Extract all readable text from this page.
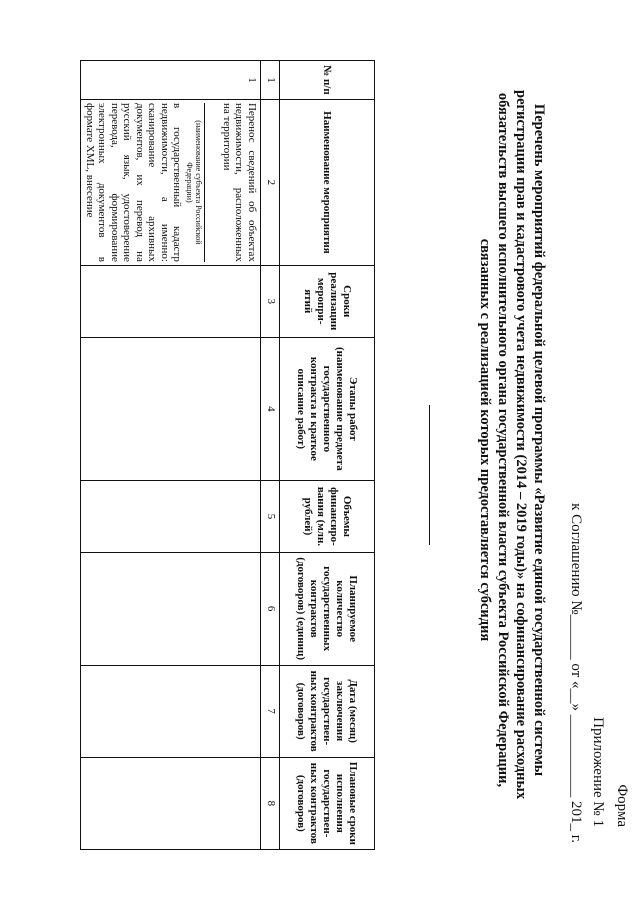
Форма
Приложение № 1
к Соглашению №______ от «__» ___________ 201_ г.
Перечень мероприятий федеральной целевой программы «Развитие единой государственной системы
регистрации прав и кадастрового учета недвижимости (2014 – 2019 годы)» на софинансирование расходных
обязательств высшего исполнительного органа государственной власти субъекта Российской Федерации,
связанных с реализацией которых предоставляется субсидия
№ п/п	Наименование мероприятия	Сроки реализации меропри-ятий	Этапы работ (наименование предмета государственного контракта и краткое описание работ)	Объемы финансиро-вания (млн. рублей)	Планируемое количество государственных контрактов (договоров) (единиц)	Дата (месяц) заключения государствен-ных контрактов (договоров)	Плановые сроки исполнения государствен-ных контрактов (договоров)
1	2	3	4	5	6	7	8
1	Перенос сведений об объектах недвижимости, расположенных на территории

(наименование субъекта Российской Федерации)

в государственный кадастр недвижимости, а именно: сканирование архивных документов, их перевод на русский язык, удостоверение перевода, формирование электронных документов в формате XML, внесение						
